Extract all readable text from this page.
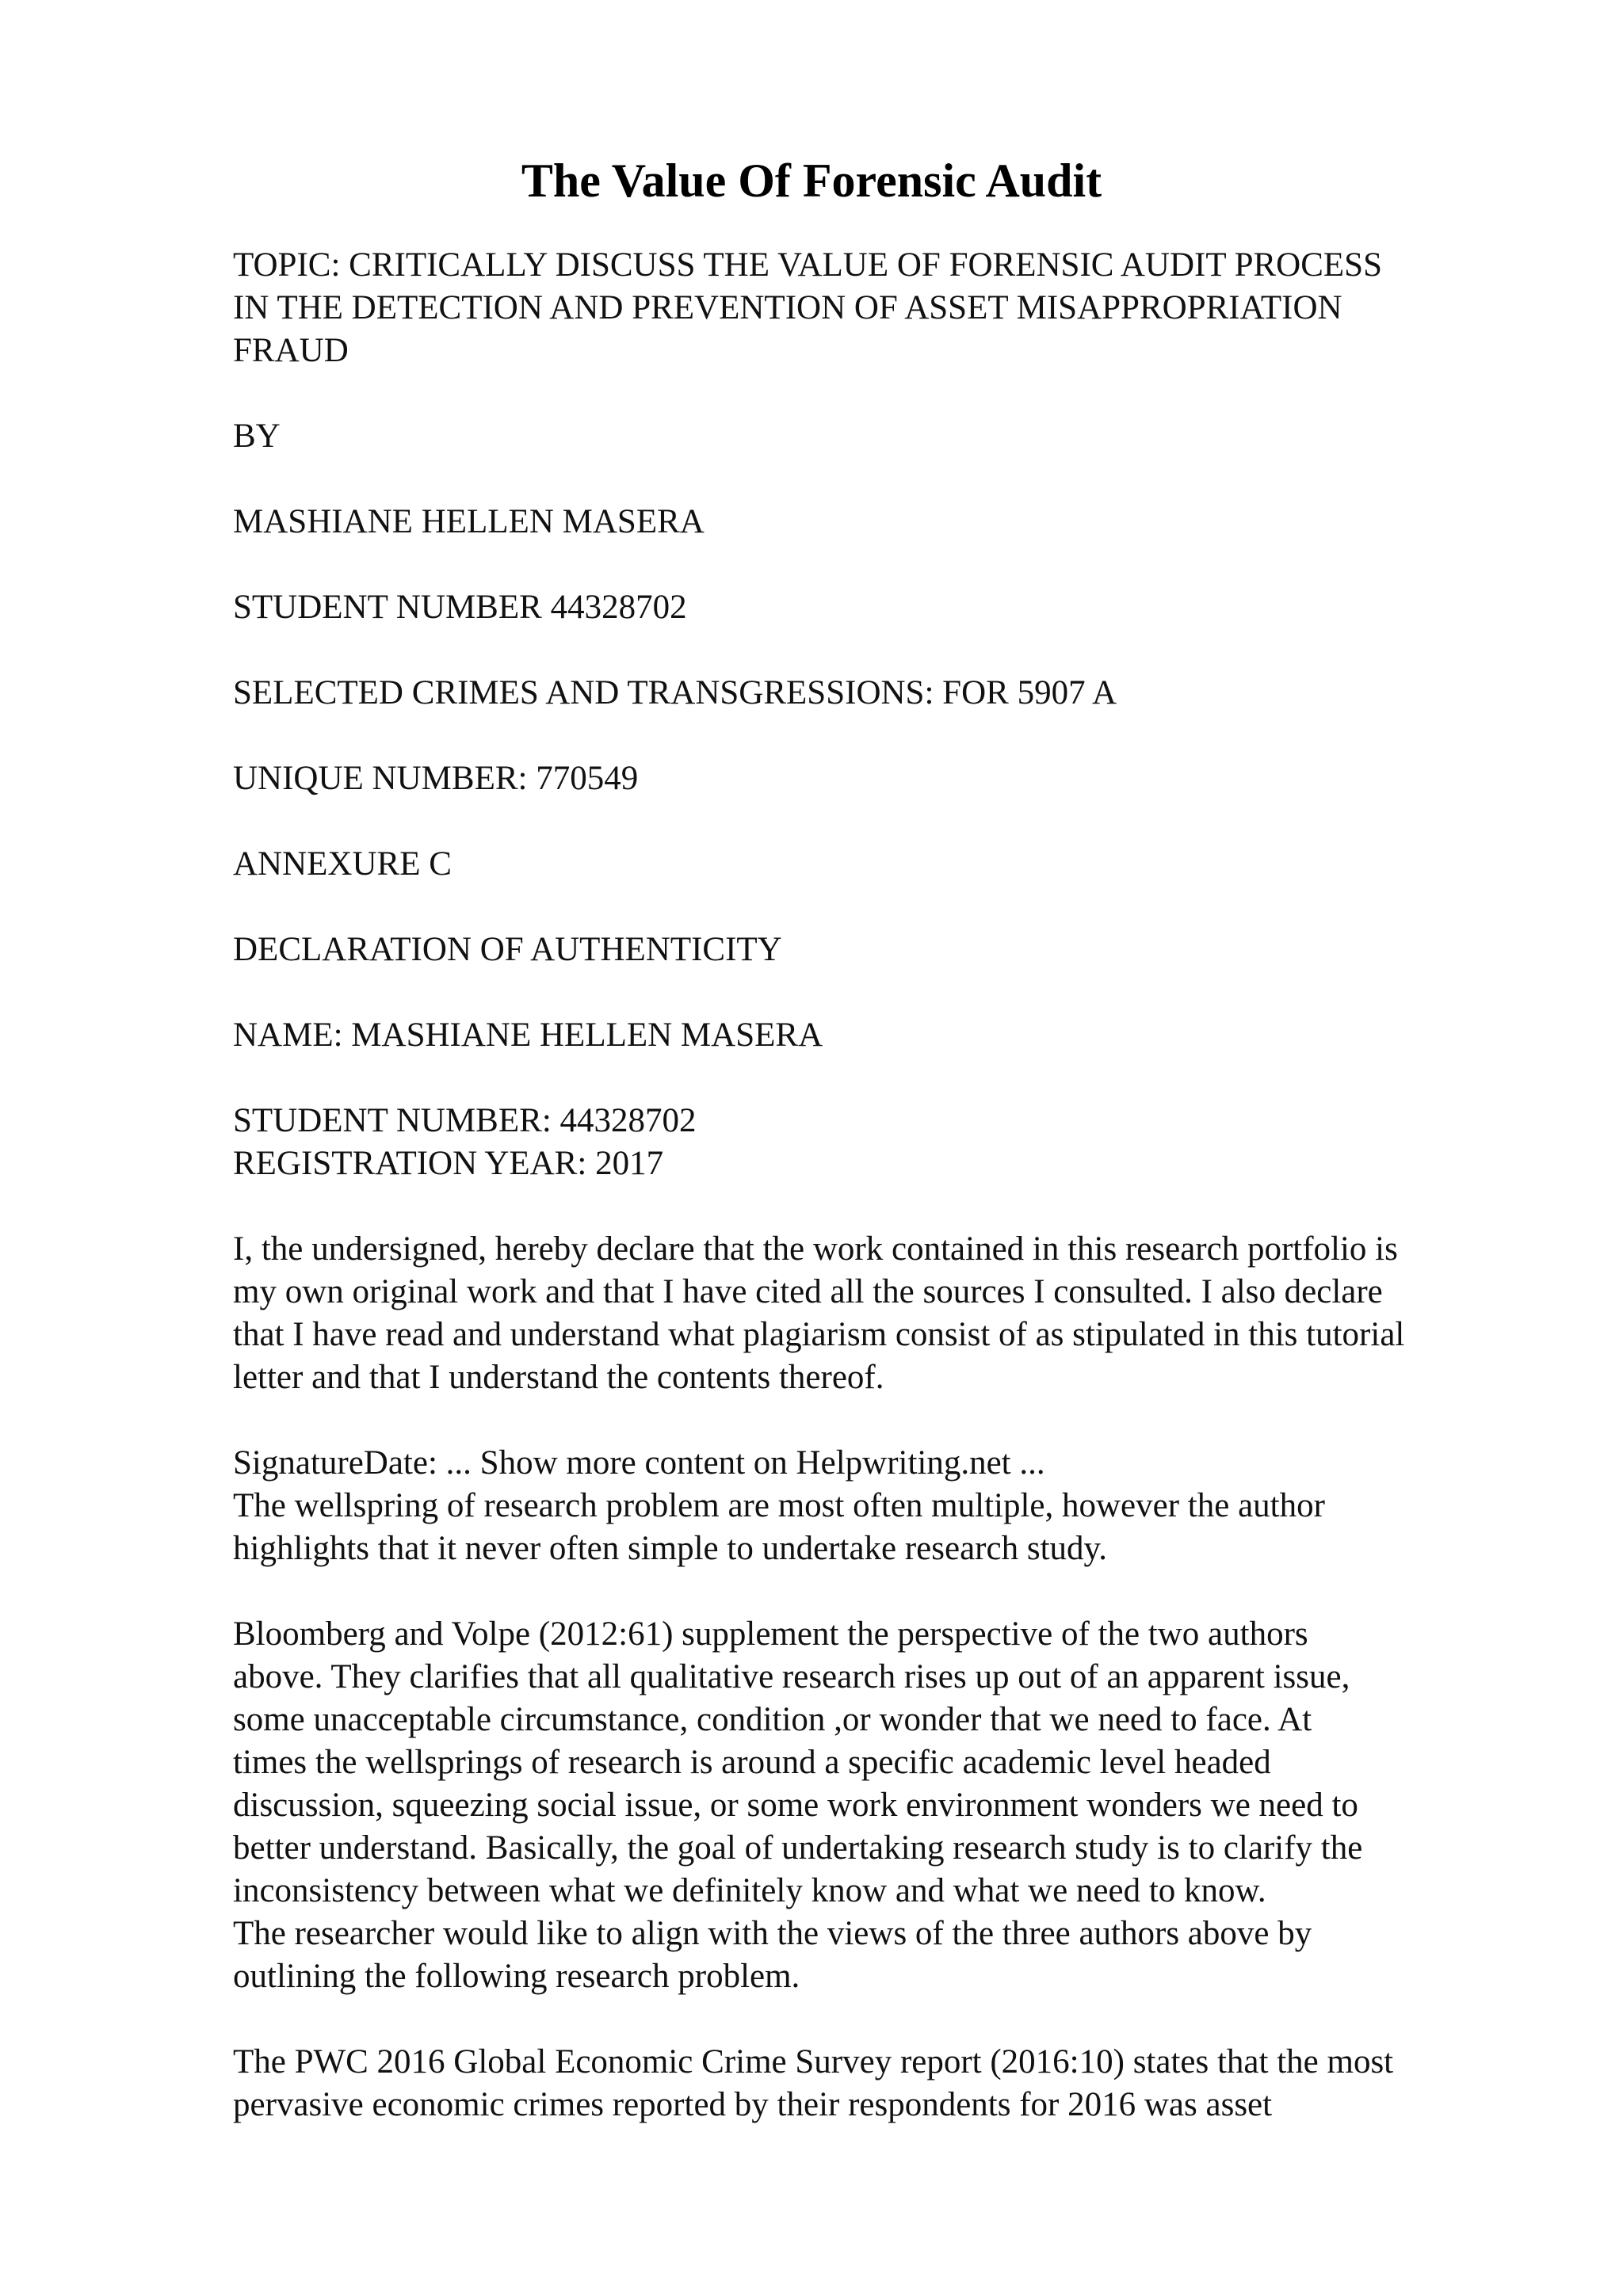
The Value Of Forensic Audit

TOPIC: CRITICALLY DISCUSS THE VALUE OF FORENSIC AUDIT PROCESS
IN THE DETECTION AND PREVENTION OF ASSET MISAPPROPRIATION
FRAUD

BY

MASHIANE HELLEN MASERA

STUDENT NUMBER 44328702

SELECTED CRIMES AND TRANSGRESSIONS: FOR 5907 A

UNIQUE NUMBER: 770549

ANNEXURE C

DECLARATION OF AUTHENTICITY

NAME: MASHIANE HELLEN MASERA

STUDENT NUMBER: 44328702
REGISTRATION YEAR: 2017

I, the undersigned, hereby declare that the work contained in this research portfolio is
my own original work and that I have cited all the sources I consulted. I also declare
that I have read and understand what plagiarism consist of as stipulated in this tutorial
letter and that I understand the contents thereof.

SignatureDate: ... Show more content on Helpwriting.net ...
The wellspring of research problem are most often multiple, however the author
highlights that it never often simple to undertake research study.

Bloomberg and Volpe (2012:61) supplement the perspective of the two authors
above. They clarifies that all qualitative research rises up out of an apparent issue,
some unacceptable circumstance, condition ,or wonder that we need to face. At
times the wellsprings of research is around a specific academic level headed
discussion, squeezing social issue, or some work environment wonders we need to
better understand. Basically, the goal of undertaking research study is to clarify the
inconsistency between what we definitely know and what we need to know.
The researcher would like to align with the views of the three authors above by
outlining the following research problem.

The PWC 2016 Global Economic Crime Survey report (2016:10) states that the most
pervasive economic crimes reported by their respondents for 2016 was asset
